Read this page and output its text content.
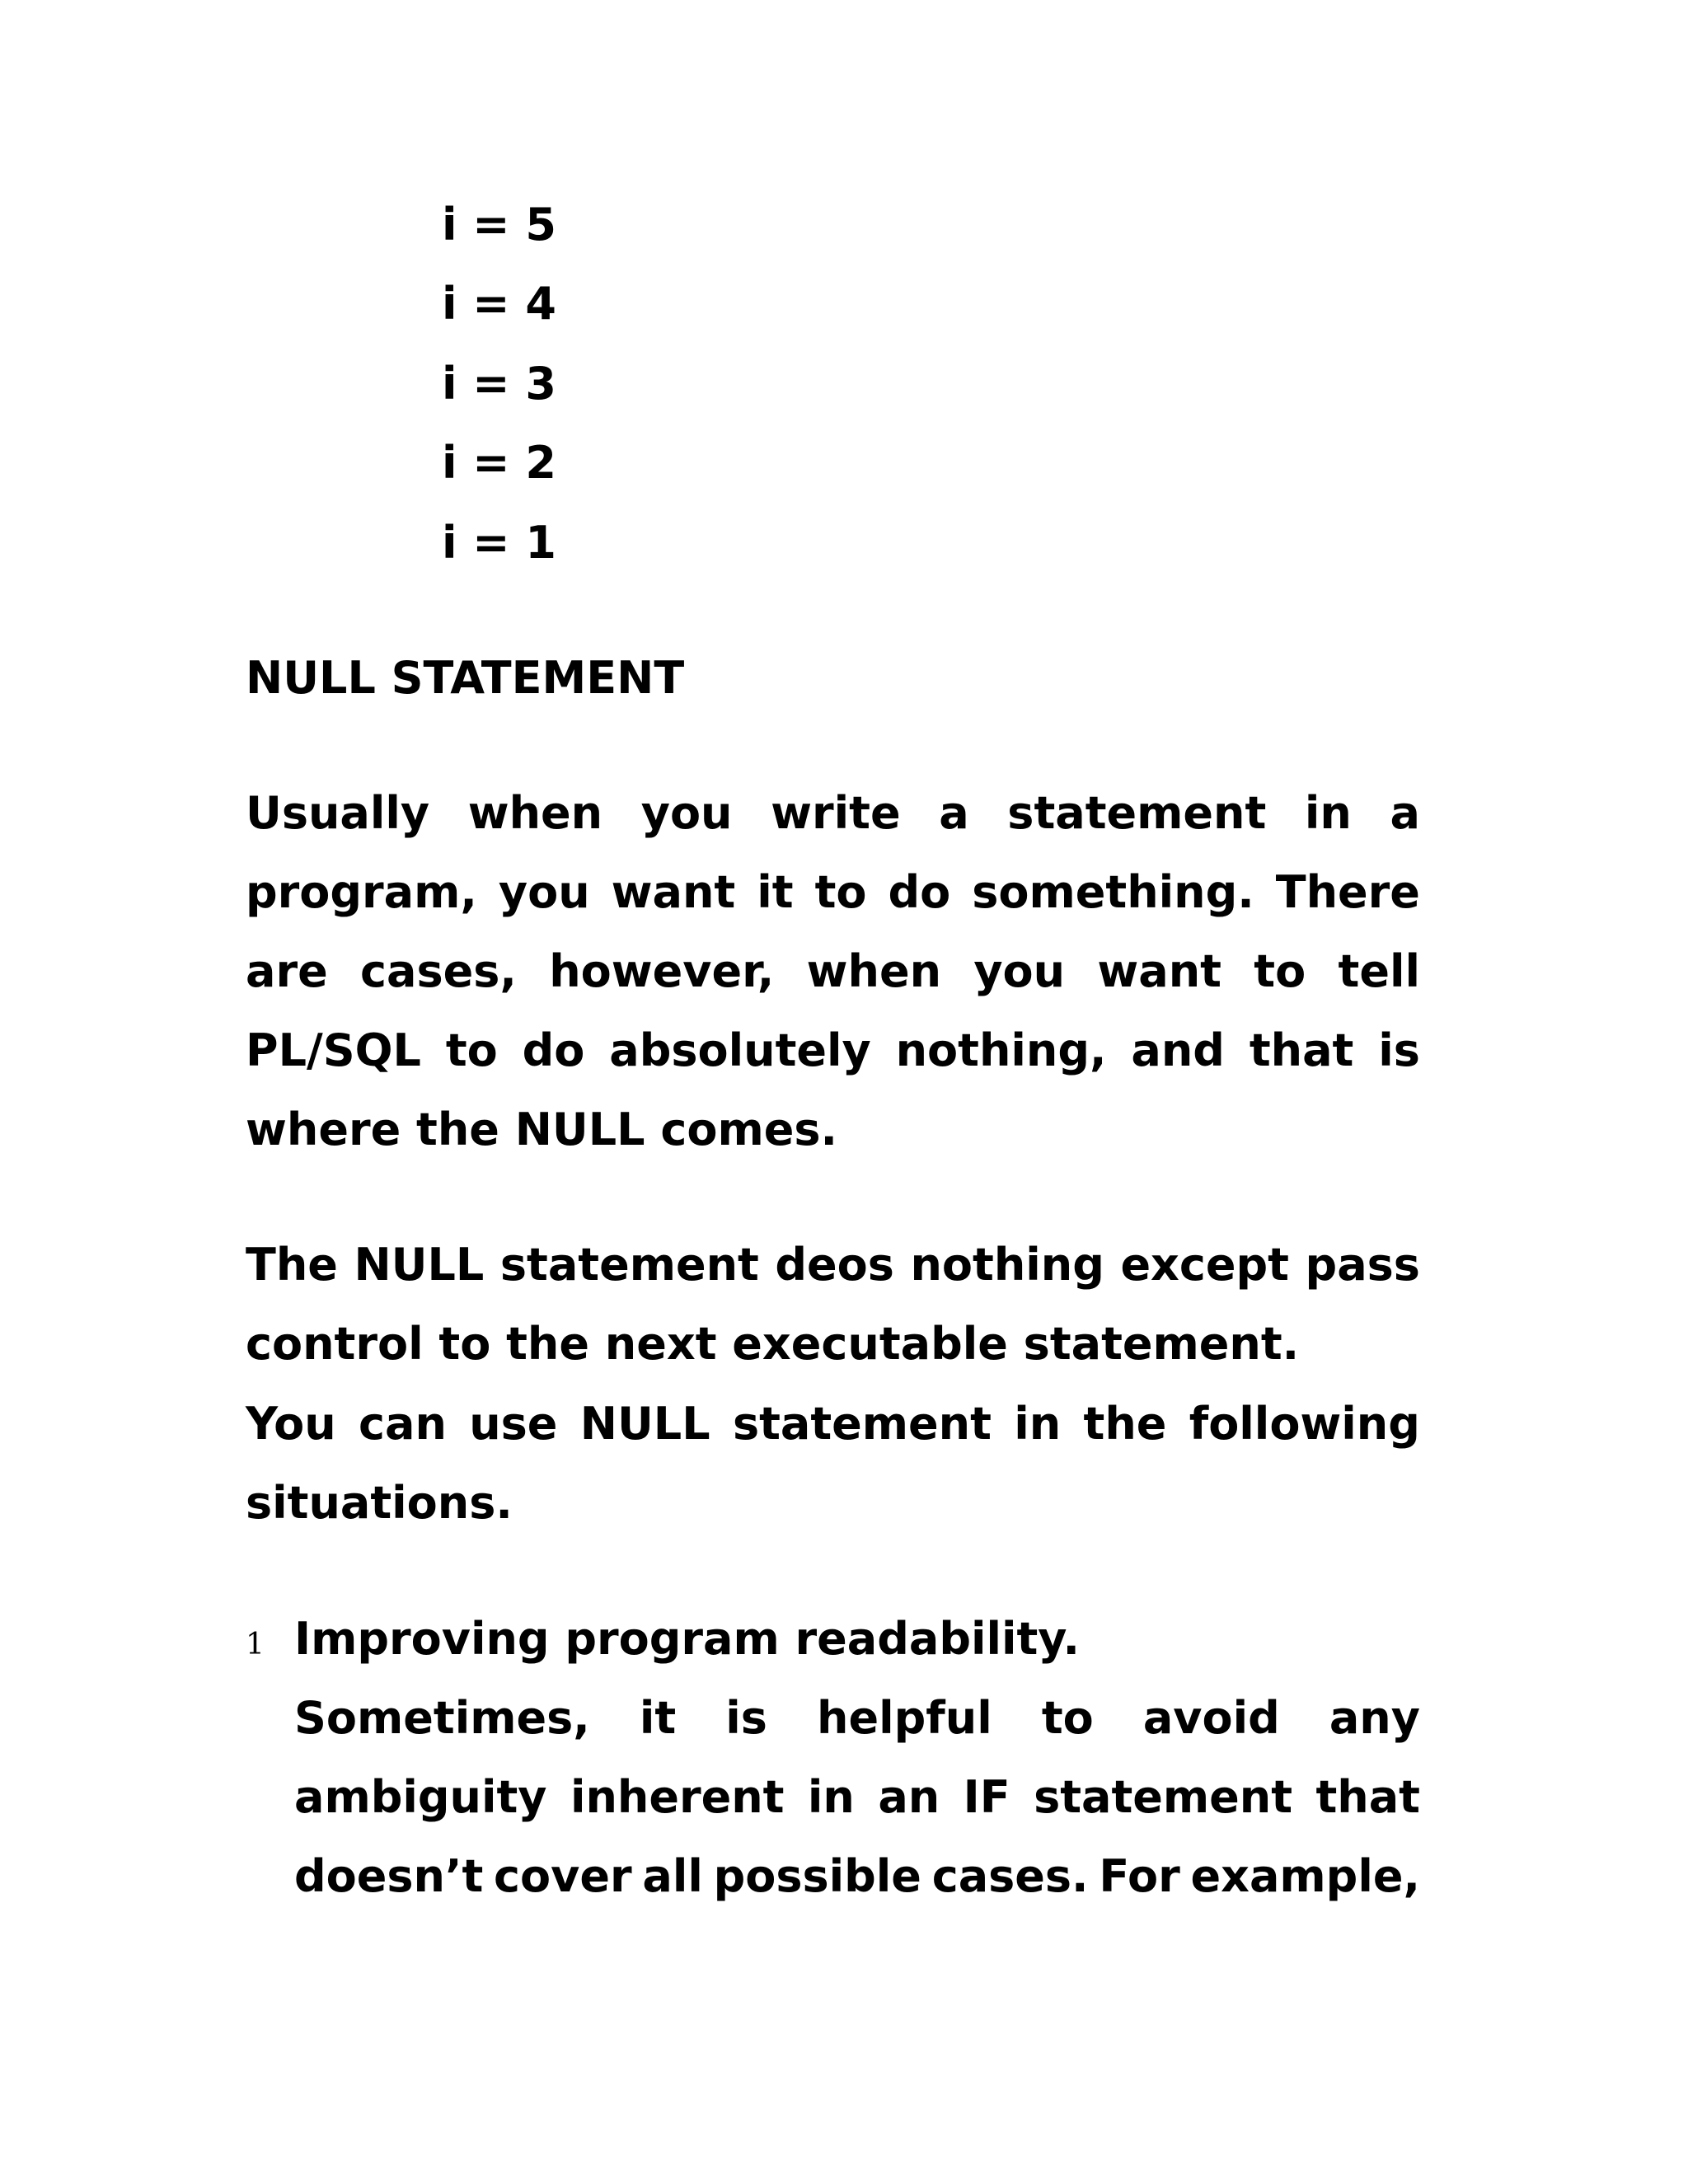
i = 5
i = 4
i = 3
i = 2
i = 1
NULL STATEMENT
Usually when you write a statement in a
program, you want it to do something. There
are cases, however, when you want to tell
PL/SQL to do absolutely nothing, and that is
where the NULL comes.
The NULL statement deos nothing except pass
control to the next executable statement.
You can use NULL statement in the following
situations.
1 Improving program readability.
Sometimes, it is helpful to avoid any
ambiguity inherent in an IF statement that
doesn’t cover all possible cases. For example,
